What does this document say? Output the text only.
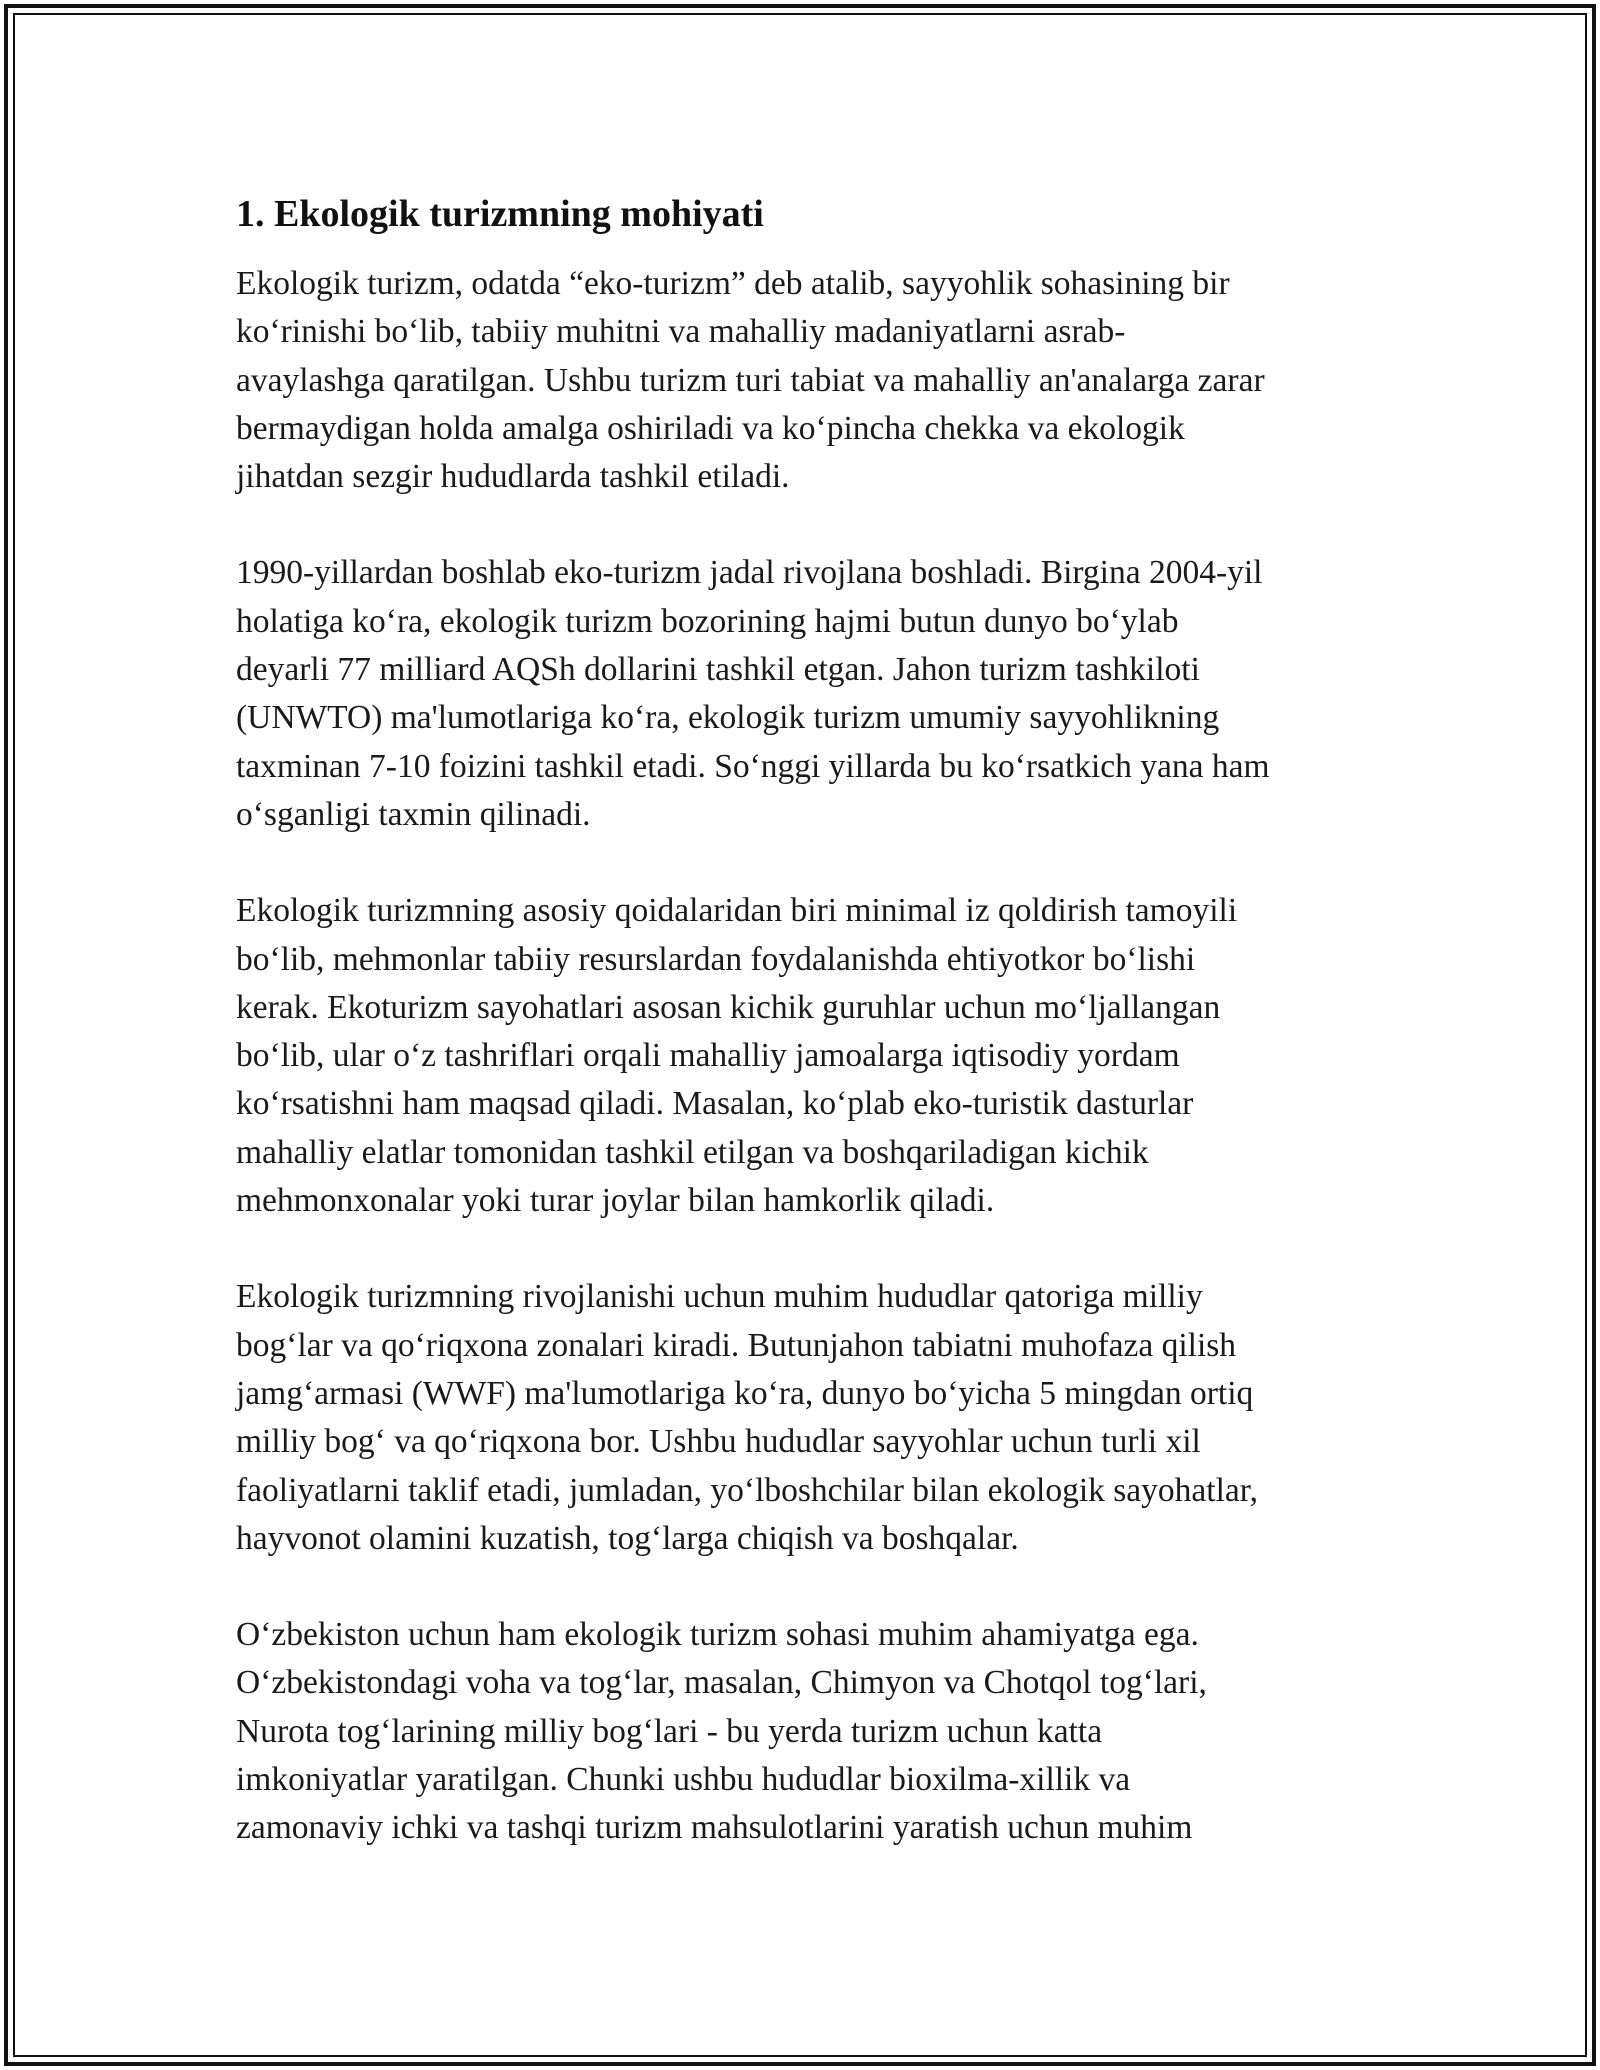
1. Ekologik turizmning mohiyati

Ekologik turizm, odatda “eko-turizm” deb atalib, sayyohlik sohasining bir
koʻrinishi boʻlib, tabiiy muhitni va mahalliy madaniyatlarni asrab-
avaylashga qaratilgan. Ushbu turizm turi tabiat va mahalliy an'analarga zarar
bermaydigan holda amalga oshiriladi va koʻpincha chekka va ekologik
jihatdan sezgir hududlarda tashkil etiladi.

1990-yillardan boshlab eko-turizm jadal rivojlana boshladi. Birgina 2004-yil
holatiga koʻra, ekologik turizm bozorining hajmi butun dunyo boʻylab
deyarli 77 milliard AQSh dollarini tashkil etgan. Jahon turizm tashkiloti
(UNWTO) ma'lumotlariga koʻra, ekologik turizm umumiy sayyohlikning
taxminan 7-10 foizini tashkil etadi. Soʻnggi yillarda bu koʻrsatkich yana ham
oʻsganligi taxmin qilinadi.

Ekologik turizmning asosiy qoidalaridan biri minimal iz qoldirish tamoyili
boʻlib, mehmonlar tabiiy resurslardan foydalanishda ehtiyotkor boʻlishi
kerak. Ekoturizm sayohatlari asosan kichik guruhlar uchun moʻljallangan
boʻlib, ular oʻz tashriflari orqali mahalliy jamoalarga iqtisodiy yordam
koʻrsatishni ham maqsad qiladi. Masalan, koʻplab eko-turistik dasturlar
mahalliy elatlar tomonidan tashkil etilgan va boshqariladigan kichik
mehmonxonalar yoki turar joylar bilan hamkorlik qiladi.

Ekologik turizmning rivojlanishi uchun muhim hududlar qatoriga milliy
bogʻlar va qoʻriqxona zonalari kiradi. Butunjahon tabiatni muhofaza qilish
jamgʻarmasi (WWF) ma'lumotlariga koʻra, dunyo boʻyicha 5 mingdan ortiq
milliy bogʻ va qoʻriqxona bor. Ushbu hududlar sayyohlar uchun turli xil
faoliyatlarni taklif etadi, jumladan, yoʻlboshchilar bilan ekologik sayohatlar,
hayvonot olamini kuzatish, togʻlarga chiqish va boshqalar.

Oʻzbekiston uchun ham ekologik turizm sohasi muhim ahamiyatga ega.
Oʻzbekistondagi voha va togʻlar, masalan, Chimyon va Chotqol togʻlari,
Nurota togʻlarining milliy bogʻlari - bu yerda turizm uchun katta
imkoniyatlar yaratilgan. Chunki ushbu hududlar bioxilma-xillik va
zamonaviy ichki va tashqi turizm mahsulotlarini yaratish uchun muhim
